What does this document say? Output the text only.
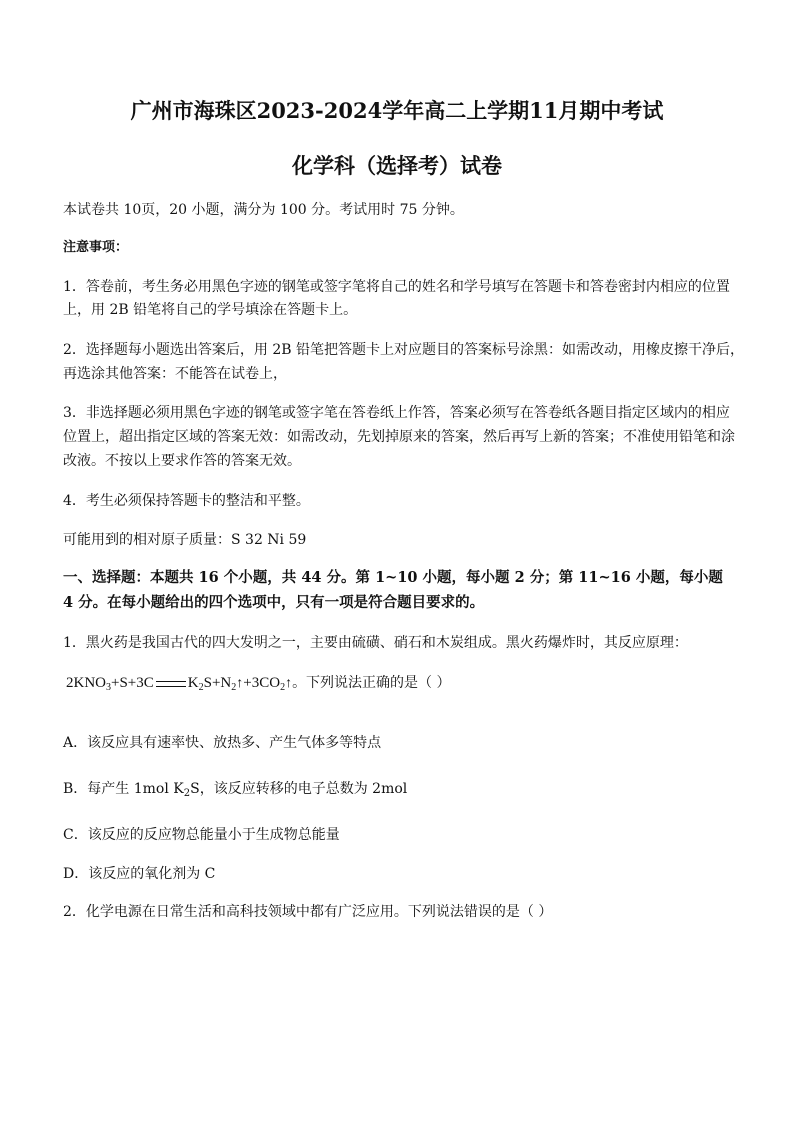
广州市海珠区2023-2024学年高二上学期11月期中考试
化学科（选择考）试卷
本试卷共 10页，20 小题，满分为 100 分。考试用时 75 分钟。
注意事项：
1．答卷前，考生务必用黑色字迹的钢笔或签字笔将自己的姓名和学号填写在答题卡和答卷密封内相应的位置
上，用 2B 铅笔将自己的学号填涂在答题卡上。
2．选择题每小题选出答案后，用 2B 铅笔把答题卡上对应题目的答案标号涂黑：如需改动，用橡皮擦干净后，
再选涂其他答案：不能答在试卷上，
3．非选择题必须用黑色字迹的钢笔或签字笔在答卷纸上作答，答案必须写在答卷纸各题目指定区域内的相应
位置上，超出指定区域的答案无效：如需改动，先划掉原来的答案，然后再写上新的答案；不准使用铅笔和涂
改液。不按以上要求作答的答案无效。
4．考生必须保持答题卡的整洁和平整。
可能用到的相对原子质量：S 32 Ni 59
一、选择题：本题共 16 个小题，共 44 分。第 1~10 小题，每小题 2 分；第 11~16 小题，每小题
4 分。在每小题给出的四个选项中，只有一项是符合题目要求的。
1．黑火药是我国古代的四大发明之一，主要由硫磺、硝石和木炭组成。黑火药爆炸时，其反应原理：
$2KNO_3+S+3C$ $K_2S+N_2↑+3CO_2↑$。下列说法正确的是（ ）
A．该反应具有速率快、放热多、产生气体多等特点
B．每产生 1mol $K_2S$，该反应转移的电子总数为 2mol
C．该反应的反应物总能量小于生成物总能量
D．该反应的氧化剂为 C
2．化学电源在日常生活和高科技领域中都有广泛应用。下列说法错误的是（ ）
